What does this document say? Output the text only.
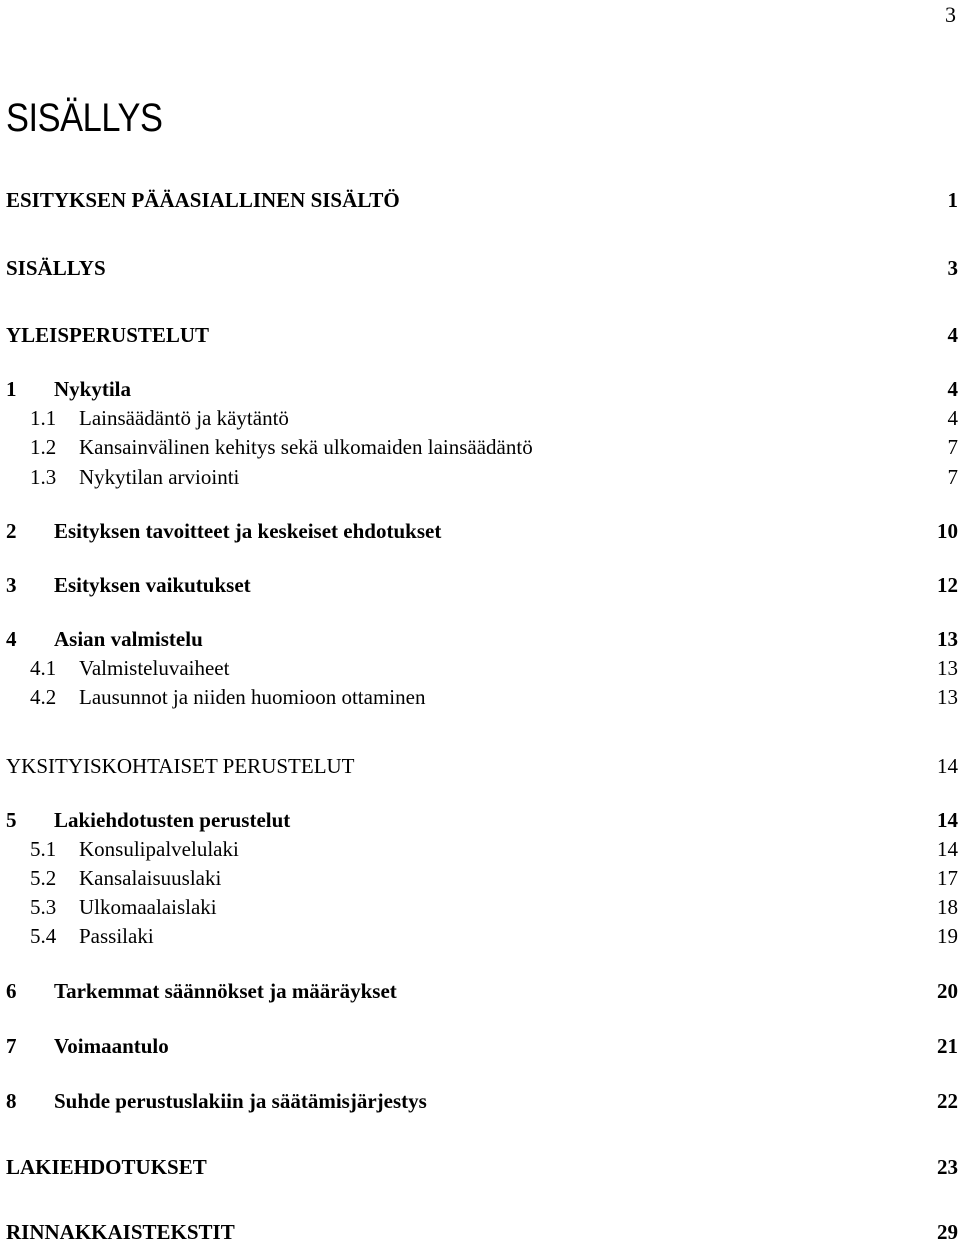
3
SISÄLLYS
ESITYKSEN PÄÄASIALLINEN SISÄLTÖ	1
SISÄLLYS	3
YLEISPERUSTELUT	4
1	Nykytila	4
1.1	Lainsäädäntö ja käytäntö	4
1.2	Kansainvälinen kehitys sekä ulkomaiden lainsäädäntö	7
1.3	Nykytilan arviointi	7
2	Esityksen tavoitteet ja keskeiset ehdotukset	10
3	Esityksen vaikutukset	12
4	Asian valmistelu	13
4.1	Valmisteluvaiheet	13
4.2	Lausunnot ja niiden huomioon ottaminen	13
YKSITYISKOHTAISET PERUSTELUT	14
5	Lakiehdotusten perustelut	14
5.1	Konsulipalvelulaki	14
5.2	Kansalaisuuslaki	17
5.3	Ulkomaalaislaki	18
5.4	Passilaki	19
6	Tarkemmat säännökset ja määräykset	20
7	Voimaantulo	21
8	Suhde perustuslakiin ja säätämisjärjestys	22
LAKIEHDOTUKSET	23
RINNAKKAISTEKSTIT	29
